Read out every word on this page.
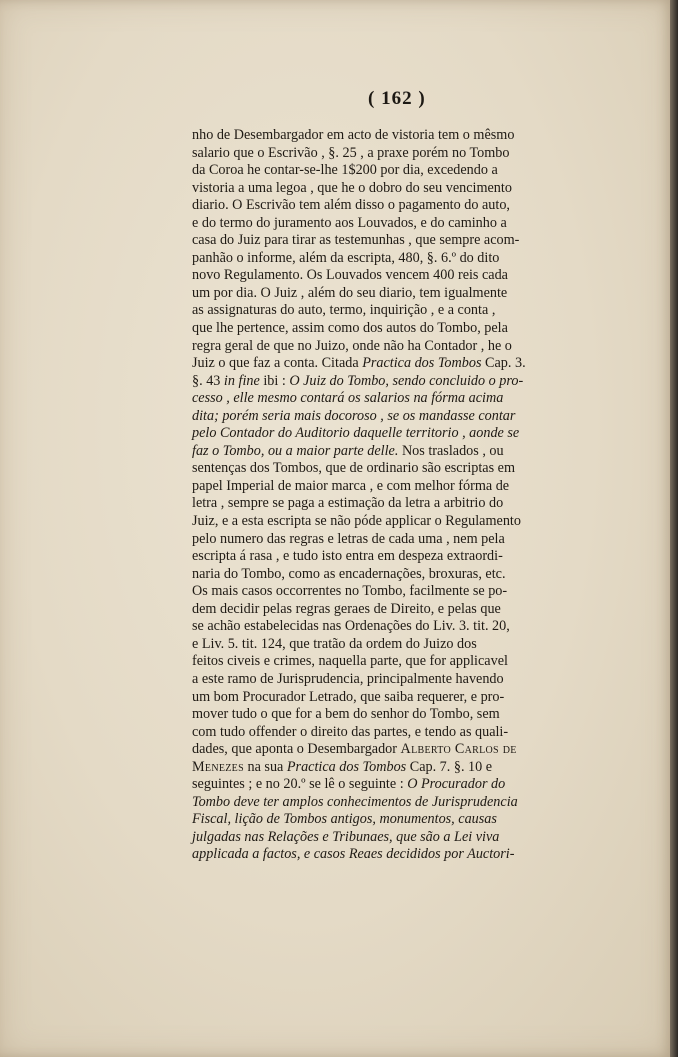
( 162 )
nho de Desembargador em acto de vistoria tem o mêsmo
salario que o Escrivão , §. 25 , a praxe porém no Tombo
da Coroa he contar-se-lhe 1$200 por dia, excedendo a
vistoria a uma legoa , que he o dobro do seu vencimento
diario. O Escrivão tem além disso o pagamento do auto,
e do termo do juramento aos Louvados, e do caminho a
casa do Juiz para tirar as testemunhas , que sempre acom-
panhão o informe, além da escripta, 480, §. 6.º do dito
novo Regulamento. Os Louvados vencem 400 reis cada
um por dia. O Juiz , além do seu diario, tem igualmente
as assignaturas do auto, termo, inquirição , e a conta ,
que lhe pertence, assim como dos autos do Tombo, pela
regra geral de que no Juizo, onde não ha Contador , he o
Juiz o que faz a conta. Citada Practica dos Tombos Cap. 3.
§. 43 in fine ibi : O Juiz do Tombo, sendo concluido o pro-
cesso , elle mesmo contará os salarios na fórma acima
dita; porém seria mais docoroso , se os mandasse contar
pelo Contador do Auditorio daquelle territorio , aonde se
faz o Tombo, ou a maior parte delle. Nos traslados , ou
sentenças dos Tombos, que de ordinario são escriptas em
papel Imperial de maior marca , e com melhor fórma de
letra , sempre se paga a estimação da letra a arbitrio do
Juiz, e a esta escripta se não póde applicar o Regulamento
pelo numero das regras e letras de cada uma , nem pela
escripta á rasa , e tudo isto entra em despeza extraordi-
naria do Tombo, como as encadernações, broxuras, etc.
Os mais casos occorrentes no Tombo, facilmente se po-
dem decidir pelas regras geraes de Direito, e pelas que
se achão estabelecidas nas Ordenações do Liv. 3. tit. 20,
e Liv. 5. tit. 124, que tratão da ordem do Juizo dos
feitos civeis e crimes, naquella parte, que for applicavel
a este ramo de Jurisprudencia, principalmente havendo
um bom Procurador Letrado, que saiba requerer, e pro-
mover tudo o que for a bem do senhor do Tombo, sem
com tudo offender o direito das partes, e tendo as quali-
dades, que aponta o Desembargador Alberto Carlos de
Menezes na sua Practica dos Tombos Cap. 7. §. 10 e
seguintes ; e no 20.º se lê o seguinte : O Procurador do
Tombo deve ter amplos conhecimentos de Jurisprudencia
Fiscal, lição de Tombos antigos, monumentos, causas
julgadas nas Relações e Tribunaes, que são a Lei viva
applicada a factos, e casos Reaes decididos por Auctori-
